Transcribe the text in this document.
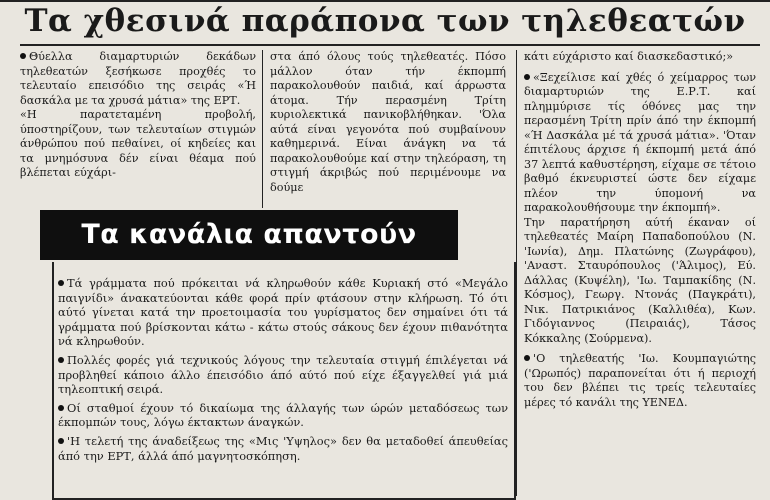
Τα χθεσινά παράπονα των τηλεθεατών

Θύελλα διαμαρτυριών δεκάδων τηλεθεατών ξεσήκωσε προχθές το τελευταίο επεισόδιο της σειράς «Ή δασκάλα με τα χρυσά μάτια» της ΕΡΤ.

«Η παρατεταμένη προβολή, ύποστηρίζουν, των τελευταίων στιγμών άνθρώπου πού πεθαίνει, οί κηδείες και τα μνημόσυνα δέν είναι θέαμα πού βλέπεται εύχάρι-

στα άπό όλους τούς τηλεθεατές. Πόσο μάλλον όταν τήν έκπομπή παρακολουθούν παιδιά, καί άρρωστα άτομα. Τήν περασμένη Τρίτη κυριολεκτικά πανικοβλήθηκαν. 'Όλα αύτά είναι γεγονότα πού συμβαίνουν καθημερινά. Είναι άνάγκη να τά παρακολουθούμε καί στην τηλεόραση, τη στιγμή άκριβώς πού περιμένουμε να δούμε

κάτι εύχάριστο καί διασκεδαστικό;»

«Ξεχείλισε καί χθές ό χείμαρρος των διαμαρτυριών της Ε.Ρ.Τ. καί πλημμύρισε τίς όθόνες μας την περασμένη Τρίτη πρίν άπό την έκπομπή «Ή Δασκάλα μέ τά χρυσά μάτια». 'Όταν έπιτέλους άρχισε ή έκπομπή μετά άπό 37 λεπτά καθυστέρηση, είχαμε σε τέτοιο βαθμό έκνευριστεί ώστε δεν είχαμε πλέον την ύπομονή να παρακολουθήσουμε την έκπομπή».

Την παρατήρηση αύτή έκαναν οί τηλεθεατές Μαίρη Παπαδοπούλου (Ν. 'Ιωνία), Δημ. Πλατώνης (Ζωγράφου), 'Αναστ. Σταυρόπουλος ('Άλιμος), Εύ. Δάλλας (Κυψέλη), 'Ιω. Ταμπακίδης (Ν. Κόσμος), Γεωργ. Ντονάς (Παγκράτι), Νικ. Πατρικιάνος (Καλλιθέα), Κων. Γιδόγιαννος (Πειραιάς), Τάσος Κόκκαλης (Σούρμενα).

'Ο τηλεθεατής 'Ιω. Κουμπαγιώτης ('Ωρωπός) παραπονείται ότι ή περιοχή του δεν βλέπει τις τρείς τελευταίες μέρες τό κανάλι της ΥΕΝΕΔ.

Τα κανάλια απαντούν

Τά γράμματα πού πρόκειται νά κληρωθούν κάθε Κυριακή στό «Μεγάλο παιγνίδι» άνακατεύονται κάθε φορά πρίν φτάσουν στην κλήρωση. Τό ότι αύτό γίνεται κατά την προετοιμασία του γυρίσματος δεν σημαίνει ότι τά γράμματα πού βρίσκονται κάτω - κάτω στούς σάκους δεν έχουν πιθανότητα νά κληρωθούν.

Πολλές φορές γιά τεχνικούς λόγους την τελευταία στιγμή έπιλέγεται νά προβληθεί κάποιο άλλο έπεισόδιο άπό αύτό πού είχε έξαγγελθεί γιά μιά τηλεοπτική σειρά.

Οί σταθμοί έχουν τό δικαίωμα της άλλαγής των ώρών μεταδόσεως των έκπομπών τους, λόγω έκτακτων άναγκών.

'Η τελετή της άναδείξεως της «Μις 'Υψηλος» δεν θα μεταδοθεί άπευθείας άπό την ΕΡΤ, άλλά άπό μαγνητοσκόπηση.
